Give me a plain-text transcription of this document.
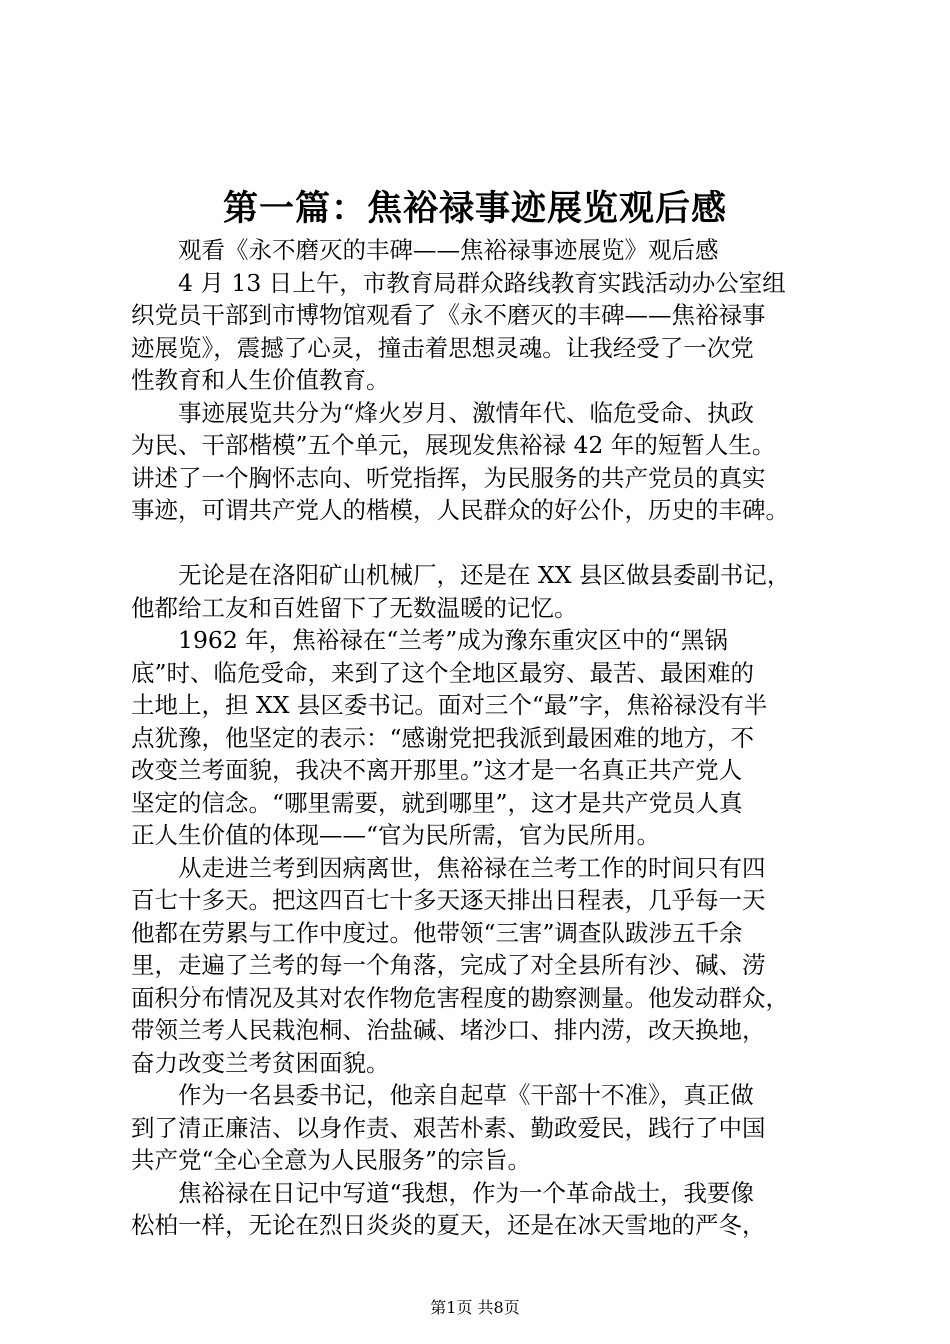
第一篇：焦裕禄事迹展览观后感
观看《永不磨灭的丰碑——焦裕禄事迹展览》观后感
4 月 13 日上午，市教育局群众路线教育实践活动办公室组
织党员干部到市博物馆观看了《永不磨灭的丰碑——焦裕禄事
迹展览》，震撼了心灵，撞击着思想灵魂。让我经受了一次党
性教育和人生价值教育。
事迹展览共分为“烽火岁月、激情年代、临危受命、执政
为民、干部楷模”五个单元，展现发焦裕禄 42 年的短暂人生。
讲述了一个胸怀志向、听党指挥，为民服务的共产党员的真实
事迹，可谓共产党人的楷模，人民群众的好公仆，历史的丰碑。
无论是在洛阳矿山机械厂，还是在 XX 县区做县委副书记，
他都给工友和百姓留下了无数温暖的记忆。
1962 年，焦裕禄在“兰考”成为豫东重灾区中的“黑锅
底”时、临危受命，来到了这个全地区最穷、最苦、最困难的
土地上，担 XX 县区委书记。面对三个“最”字，焦裕禄没有半
点犹豫，他坚定的表示：“感谢党把我派到最困难的地方，不
改变兰考面貌，我决不离开那里。”这才是一名真正共产党人
坚定的信念。“哪里需要，就到哪里”，这才是共产党员人真
正人生价值的体现——“官为民所需，官为民所用。
从走进兰考到因病离世，焦裕禄在兰考工作的时间只有四
百七十多天。把这四百七十多天逐天排出日程表，几乎每一天
他都在劳累与工作中度过。他带领“三害”调查队跋涉五千余
里，走遍了兰考的每一个角落，完成了对全县所有沙、碱、涝
面积分布情况及其对农作物危害程度的勘察测量。他发动群众，
带领兰考人民栽泡桐、治盐碱、堵沙口、排内涝，改天换地，
奋力改变兰考贫困面貌。
作为一名县委书记，他亲自起草《干部十不准》，真正做
到了清正廉洁、以身作责、艰苦朴素、勤政爱民，践行了中国
共产党“全心全意为人民服务”的宗旨。
焦裕禄在日记中写道“我想，作为一个革命战士，我要像
松柏一样，无论在烈日炎炎的夏天，还是在冰天雪地的严冬，
第1页 共8页
